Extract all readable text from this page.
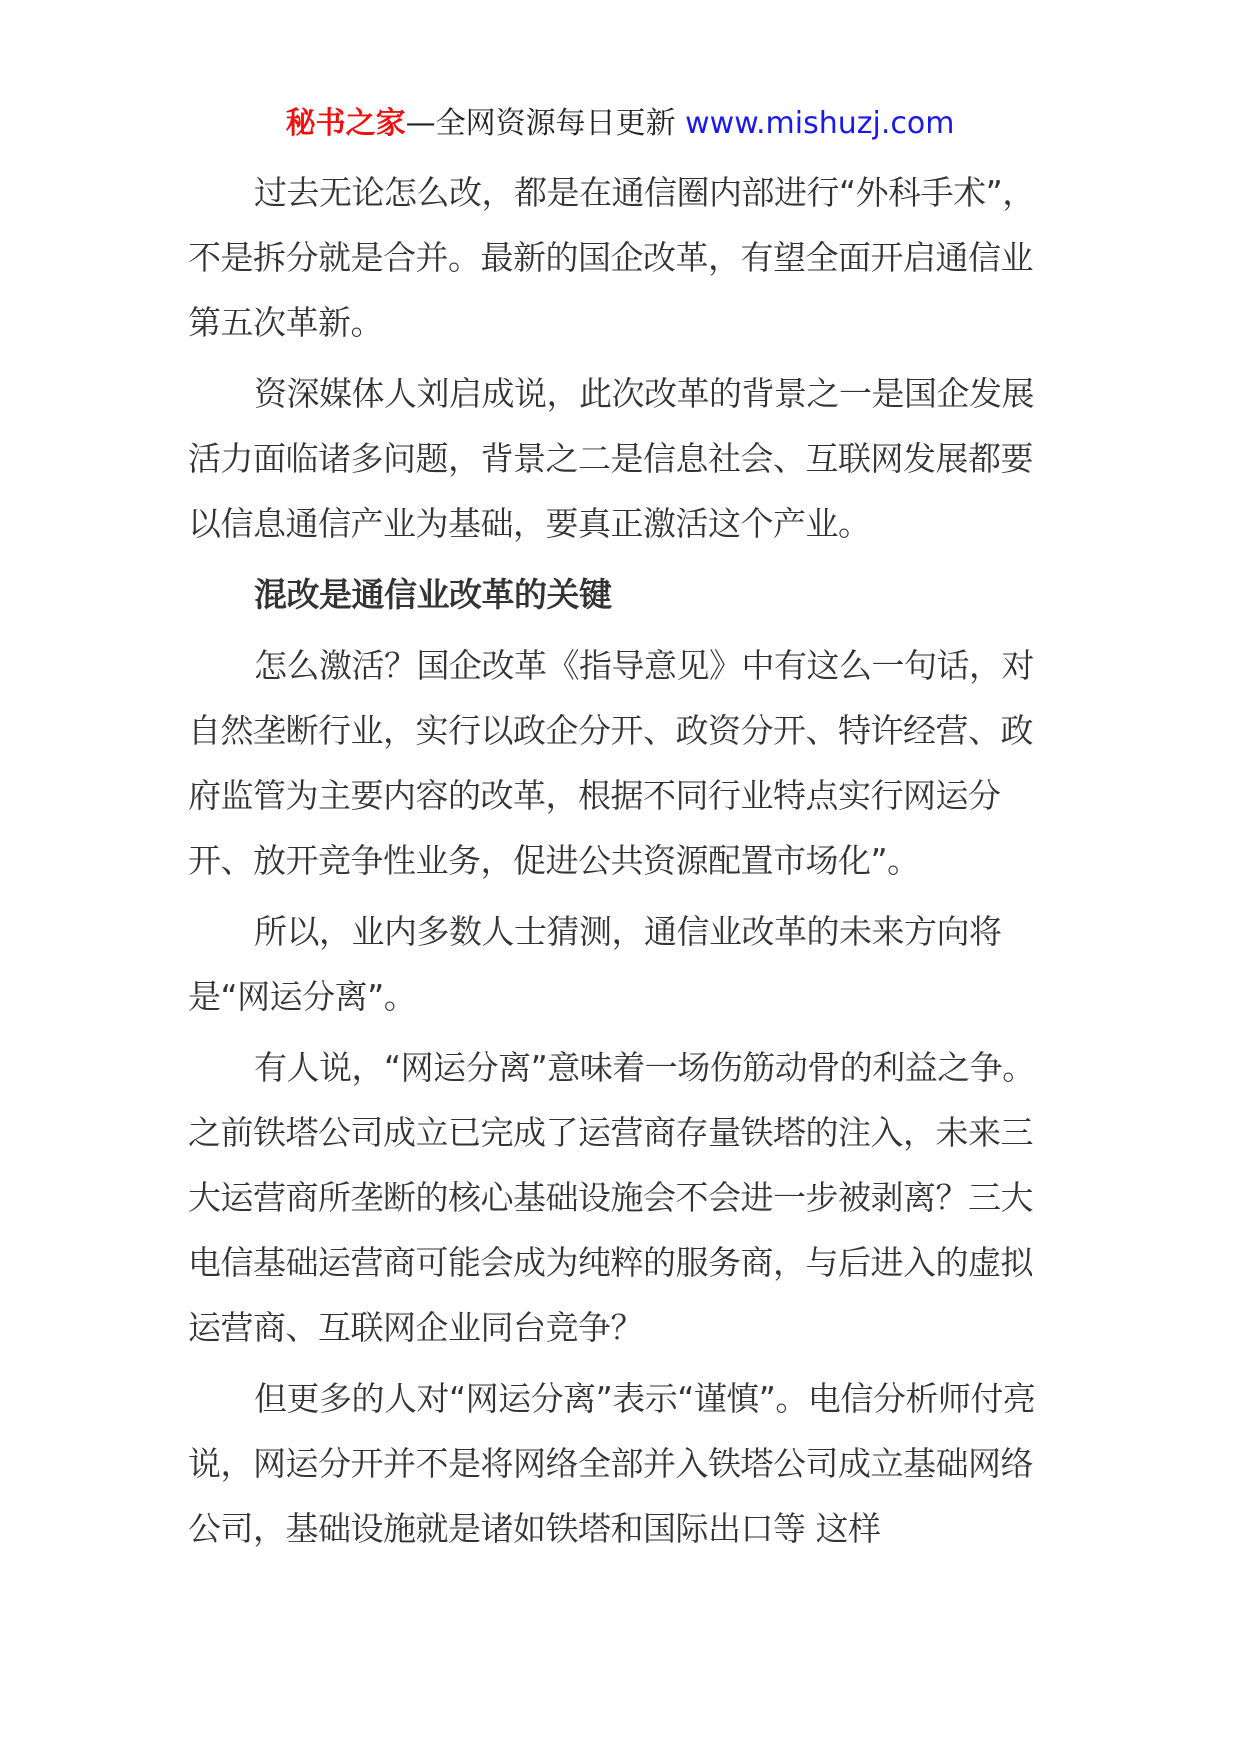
秘书之家—全网资源每日更新 www.mishuzj.com

过去无论怎么改，都是在通信圈内部进行“外科手术”，不是拆分就是合并。最新的国企改革，有望全面开启通信业第五次革新。

资深媒体人刘启成说，此次改革的背景之一是国企发展活力面临诸多问题，背景之二是信息社会、互联网发展都要以信息通信产业为基础，要真正激活这个产业。

混改是通信业改革的关键

怎么激活？国企改革《指导意见》中有这么一句话，对自然垄断行业，实行以政企分开、政资分开、特许经营、政府监管为主要内容的改革，根据不同行业特点实行网运分开、放开竞争性业务，促进公共资源配置市场化”。

所以，业内多数人士猜测，通信业改革的未来方向将是“网运分离”。

有人说，“网运分离”意味着一场伤筋动骨的利益之争。之前铁塔公司成立已完成了运营商存量铁塔的注入，未来三大运营商所垄断的核心基础设施会不会进一步被剥离？三大电信基础运营商可能会成为纯粹的服务商，与后进入的虚拟运营商、互联网企业同台竞争？

但更多的人对“网运分离”表示“谨慎”。电信分析师付亮说，网运分开并不是将网络全部并入铁塔公司成立基础网络公司，基础设施就是诸如铁塔和国际出口等 这样
